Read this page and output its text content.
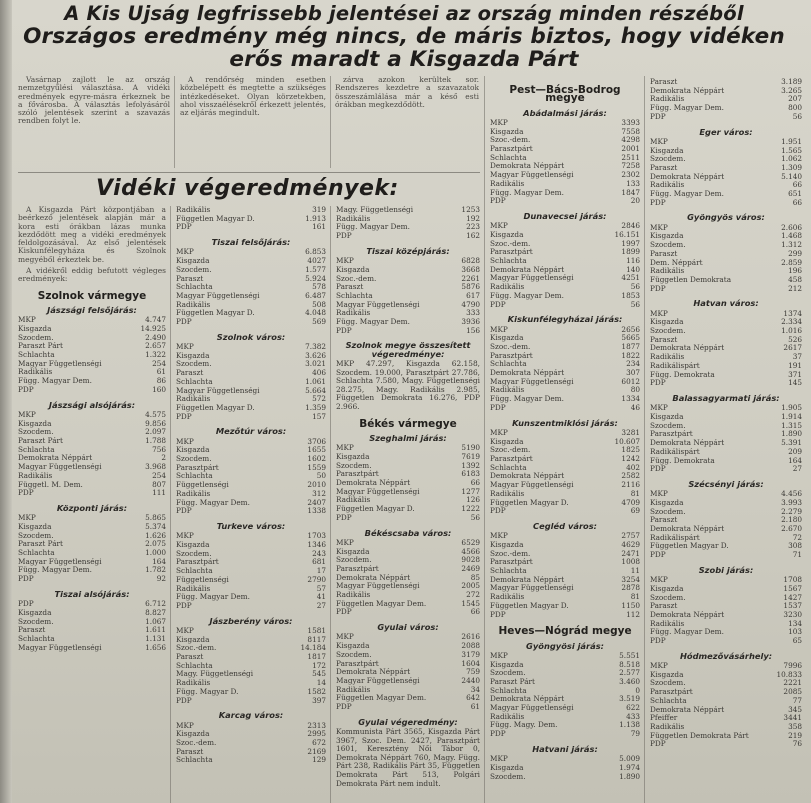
A Kis Ujság legfrissebb jelentései az ország minden részéből
Országos eredmény még nincs, de máris biztos, hogy vidéken
erős maradt a Kisgazda Párt

Vasárnap zajlott le az ország nemzetgyűlési választása. A vidéki eredmények egyre-másra érkeznek be a fővárosba. A választás lefolyásáról szóló jelentések szerint a szavazás rendben folyt le.

A rendőrség minden esetben közbelépett és megtette a szükséges intézkedéseket. Olyan körzetekben, ahol visszaélésekről érkezett jelentés, az eljárás megindult.

zárva azokon kerültek sor. Rendszeres kezdetre a szavazatok összeszámlálása már a késő esti órákban megkezdődött.

Vidéki végeredmények:

A Kisgazda Párt központjában a beérkező jelentések alapján már a kora esti órákban lázas munka kezdődött meg a vidéki eredmények feldolgozásával. Az első jelentések Kiskunfélegyháza és Szolnok megyéből érkeztek be.

A vidékről eddig befutott végleges eredmények:

Szolnok vármegye
Jászsági felsőjárás:
MKP	4.747
Kisgazda	14.925
Szocdem.	2.490
Paraszt Párt	2.657
Schlachta	1.322
Magyar Függetlenségi	254
Radikális	61
Függ. Magyar Dem.	86
PDP	160
Jászsági alsójárás:
MKP	4.575
Kisgazda	9.856
Szocdem.	2.097
Paraszt Párt	1.788
Schlachta	756
Demokrata Néppárt	2
Magyar Függetlenségi	3.968
Radikális	254
Függetl. M. Dem.	807
PDP	111
Központi járás:
MKP	5.865
Kisgazda	5.374
Szocdem.	1.626
Paraszt Párt	2.075
Schlachta	1.000
Magyar Függetlenségi	164
Függ. Magyar Dem.	1.782
PDP	92
Tiszai alsójárás:
PDP	6.712
Kisgazda	8.827
Szocdem.	1.067
Paraszt	1.611
Schlachta	1.131
Magyar Függetlenségi	1.656
Radikális	319
Független Magyar D.	1.913
PDP	161
Tiszai felsőjárás:
MKP	6.853
Kisgazda	4027
Szocdem.	1.577
Paraszt	5.924
Schlachta	578
Magyar Függetlenségi	6.487
Radikális	508
Független Magyar D.	4.048
PDP	569
Szolnok város:
MKP	7.382
Kisgazda	3.626
Szocdem.	3.021
Paraszt	406
Schlachta	1.061
Magyar Függetlenségi	5.664
Radikális	572
Független Magyar D.	1.359
PDP	157
Mezőtúr város:
MKP	3706
Kisgazda	1655
Szocdem.	1602
Parasztpárt	1559
Schlachta	50
Függetlenségi	2010
Radikális	312
Függ. Magyar Dem.	2407
PDP	1338
Turkeve város:
MKP	1703
Kisgazda	1346
Szocdem.	243
Parasztpárt	681
Schlachta	17
Függetlenségi	2790
Radikális	57
Függ. Magyar Dem.	41
PDP	27
Jászberény város:
MKP	1581
Kisgazda	8117
Szoc.-dem.	14.184
Paraszt	1817
Schlachta	172
Magy. Függetlenségi	545
Radikális	14
Függ. Magyar D.	1582
PDP	397
Karcag város:
MKP	2313
Kisgazda	2995
Szoc.-dem.	672
Paraszt	2169
Schlachta	129
Magy. Függetlenségi	1253
Radikális	192
Függ. Magyar Dem.	223
PDP	162
Tiszai középjárás:
MKP	6828
Kisgazda	3668
Szoc.-dem.	2261
Paraszt	5876
Schlachta	617
Magyar Függetlenségi	4790
Radikális	333
Függ. Magyar Dem.	3936
PDP	156
Szolnok megye összesített végeredménye:
MKP 47.297, Kisgazda 62.158, Szocdem. 19.000, Parasztpárt 27.786, Schlachta 7.580, Magy. Függetlenségi 28.275, Magy. Radikális 2.985, Független Demokrata 16.276, PDP 2.966.
Békés vármegye
Szeghalmi járás:
MKP	5190
Kisgazda	7619
Szocdem.	1392
Parasztpárt	6183
Demokrata Néppárt	66
Magyar Függetlenségi	1277
Radikális	126
Független Magyar D.	1222
PDP	56
Békéscsaba város:
MKP	6529
Kisgazda	4566
Szocdem.	9028
Parasztpárt	2469
Demokrata Néppárt	85
Magyar Függetlenségi	2005
Radikális	272
Független Magyar Dem.	1545
PDP	66
Gyulai város:
MKP	2616
Kisgazda	2088
Szocdem.	3179
Parasztpárt	1604
Demokrata Néppárt	759
Magyar Függetlenségi	2440
Radikális	34
Független Magyar Dem.	642
PDP	61
Gyulai végeredmény:
Kommunista Párt 3565, Kisgazda Párt 3967, Szoc. Dem. 2427, Parasztpárt 1601, Keresztény Női Tábor 0, Demokrata Néppárt 760, Magy. Függ. Párt 238, Radikális Párt 35, Független Demokrata Párt 513, Polgári Demokrata Párt nem indult.
Pest—Bács-Bodrog megye
Abádalmási járás:
MKP	3393
Kisgazda	7558
Szoc.-dem.	4298
Parasztpárt	2001
Schlachta	2511
Demokrata Néppárt	7258
Magyar Függetlenségi	2302
Radikális	133
Függ. Magyar Dem.	1847
PDP	20
Dunavecsei járás:
MKP	2846
Kisgazda	16.151
Szoc.-dem.	1997
Parasztpárt	1899
Schlachta	116
Demokrata Néppárt	140
Magyar Függetlenségi	4251
Radikális	56
Függ. Magyar Dem.	1853
PDP	56
Kiskunfélegyházai járás:
MKP	2656
Kisgazda	5665
Szoc.-dem.	1877
Parasztpárt	1822
Schlachta	234
Demokrata Néppárt	307
Magyar Függetlenségi	6012
Radikális	80
Függ. Magyar Dem.	1334
PDP	46
Kunszentmiklósi járás:
MKP	3281
Kisgazda	10.607
Szoc.-dem.	1825
Parasztpárt	1242
Schlachta	402
Demokrata Néppárt	2582
Magyar Függetlenségi	2116
Radikális	81
Független Magyar D.	4709
PDP	69
Cegléd város:
MKP	2757
Kisgazda	4629
Szoc.-dem.	2471
Parasztpárt	1008
Schlachta	11
Demokrata Néppárt	3254
Magyar Függetlenségi	2878
Radikális	81
Független Magyar D.	1150
PDP	112
Heves—Nógrád megye
Gyöngyösi járás:
MKP	5.551
Kisgazda	8.518
Szocdem.	2.577
Paraszt Párt	3.460
Schlachta	0
Demokrata Néppárt	3.519
Magyar Függetlenségi	622
Radikális	433
Függ. Magy. Dem.	1.138
PDP	79
Hatvani járás:
MKP	5.009
Kisgazda	1.974
Szocdem.	1.890
Paraszt	3.189
Demokrata Néppárt	3.265
Radikális	207
Függ. Magyar Dem.	800
PDP	56
Eger város:
MKP	1.951
Kisgazda	1.565
Szocdem.	1.062
Paraszt	1.309
Demokrata Néppárt	5.140
Radikális	66
Függ. Magyar Dem.	651
PDP	66
Gyöngyös város:
MKP	2.606
Kisgazda	1.468
Szocdem.	1.312
Paraszt	299
Dem. Néppárt	2.859
Radikális	196
Független Demokrata	458
PDP	212
Hatvan város:
MKP	1374
Kisgazda	2.334
Szocdem.	1.016
Paraszt	526
Demokrata Néppárt	2617
Radikális	37
Radikálispárt	191
Függ. Demokrata	371
PDP	145
Balassagyarmati járás:
MKP	1.905
Kisgazda	1.914
Szocdem.	1.315
Parasztpárt	1.890
Demokrata Néppárt	5.391
Radikálispárt	209
Függ. Demokrata	164
PDP	27
Szécsényi járás:
MKP	4.456
Kisgazda	3.993
Szocdem.	2.279
Paraszt	2.180
Demokrata Néppárt	2.670
Radikálispárt	72
Független Magyar D.	308
PDP	71
Szobi járás:
MKP	1708
Kisgazda	1567
Szocdem.	1427
Paraszt	1537
Demokrata Néppárt	3230
Radikális	134
Függ. Magyar Dem.	103
PDP	65
Hódmezővásárhely:
MKP	7996
Kisgazda	10.833
Szocdem.	2221
Parasztpárt	2085
Schlachta	77
Demokrata Néppárt	345
Pfeiffer	3441
Radikális	358
Független Demokrata Párt	219
PDP	76
